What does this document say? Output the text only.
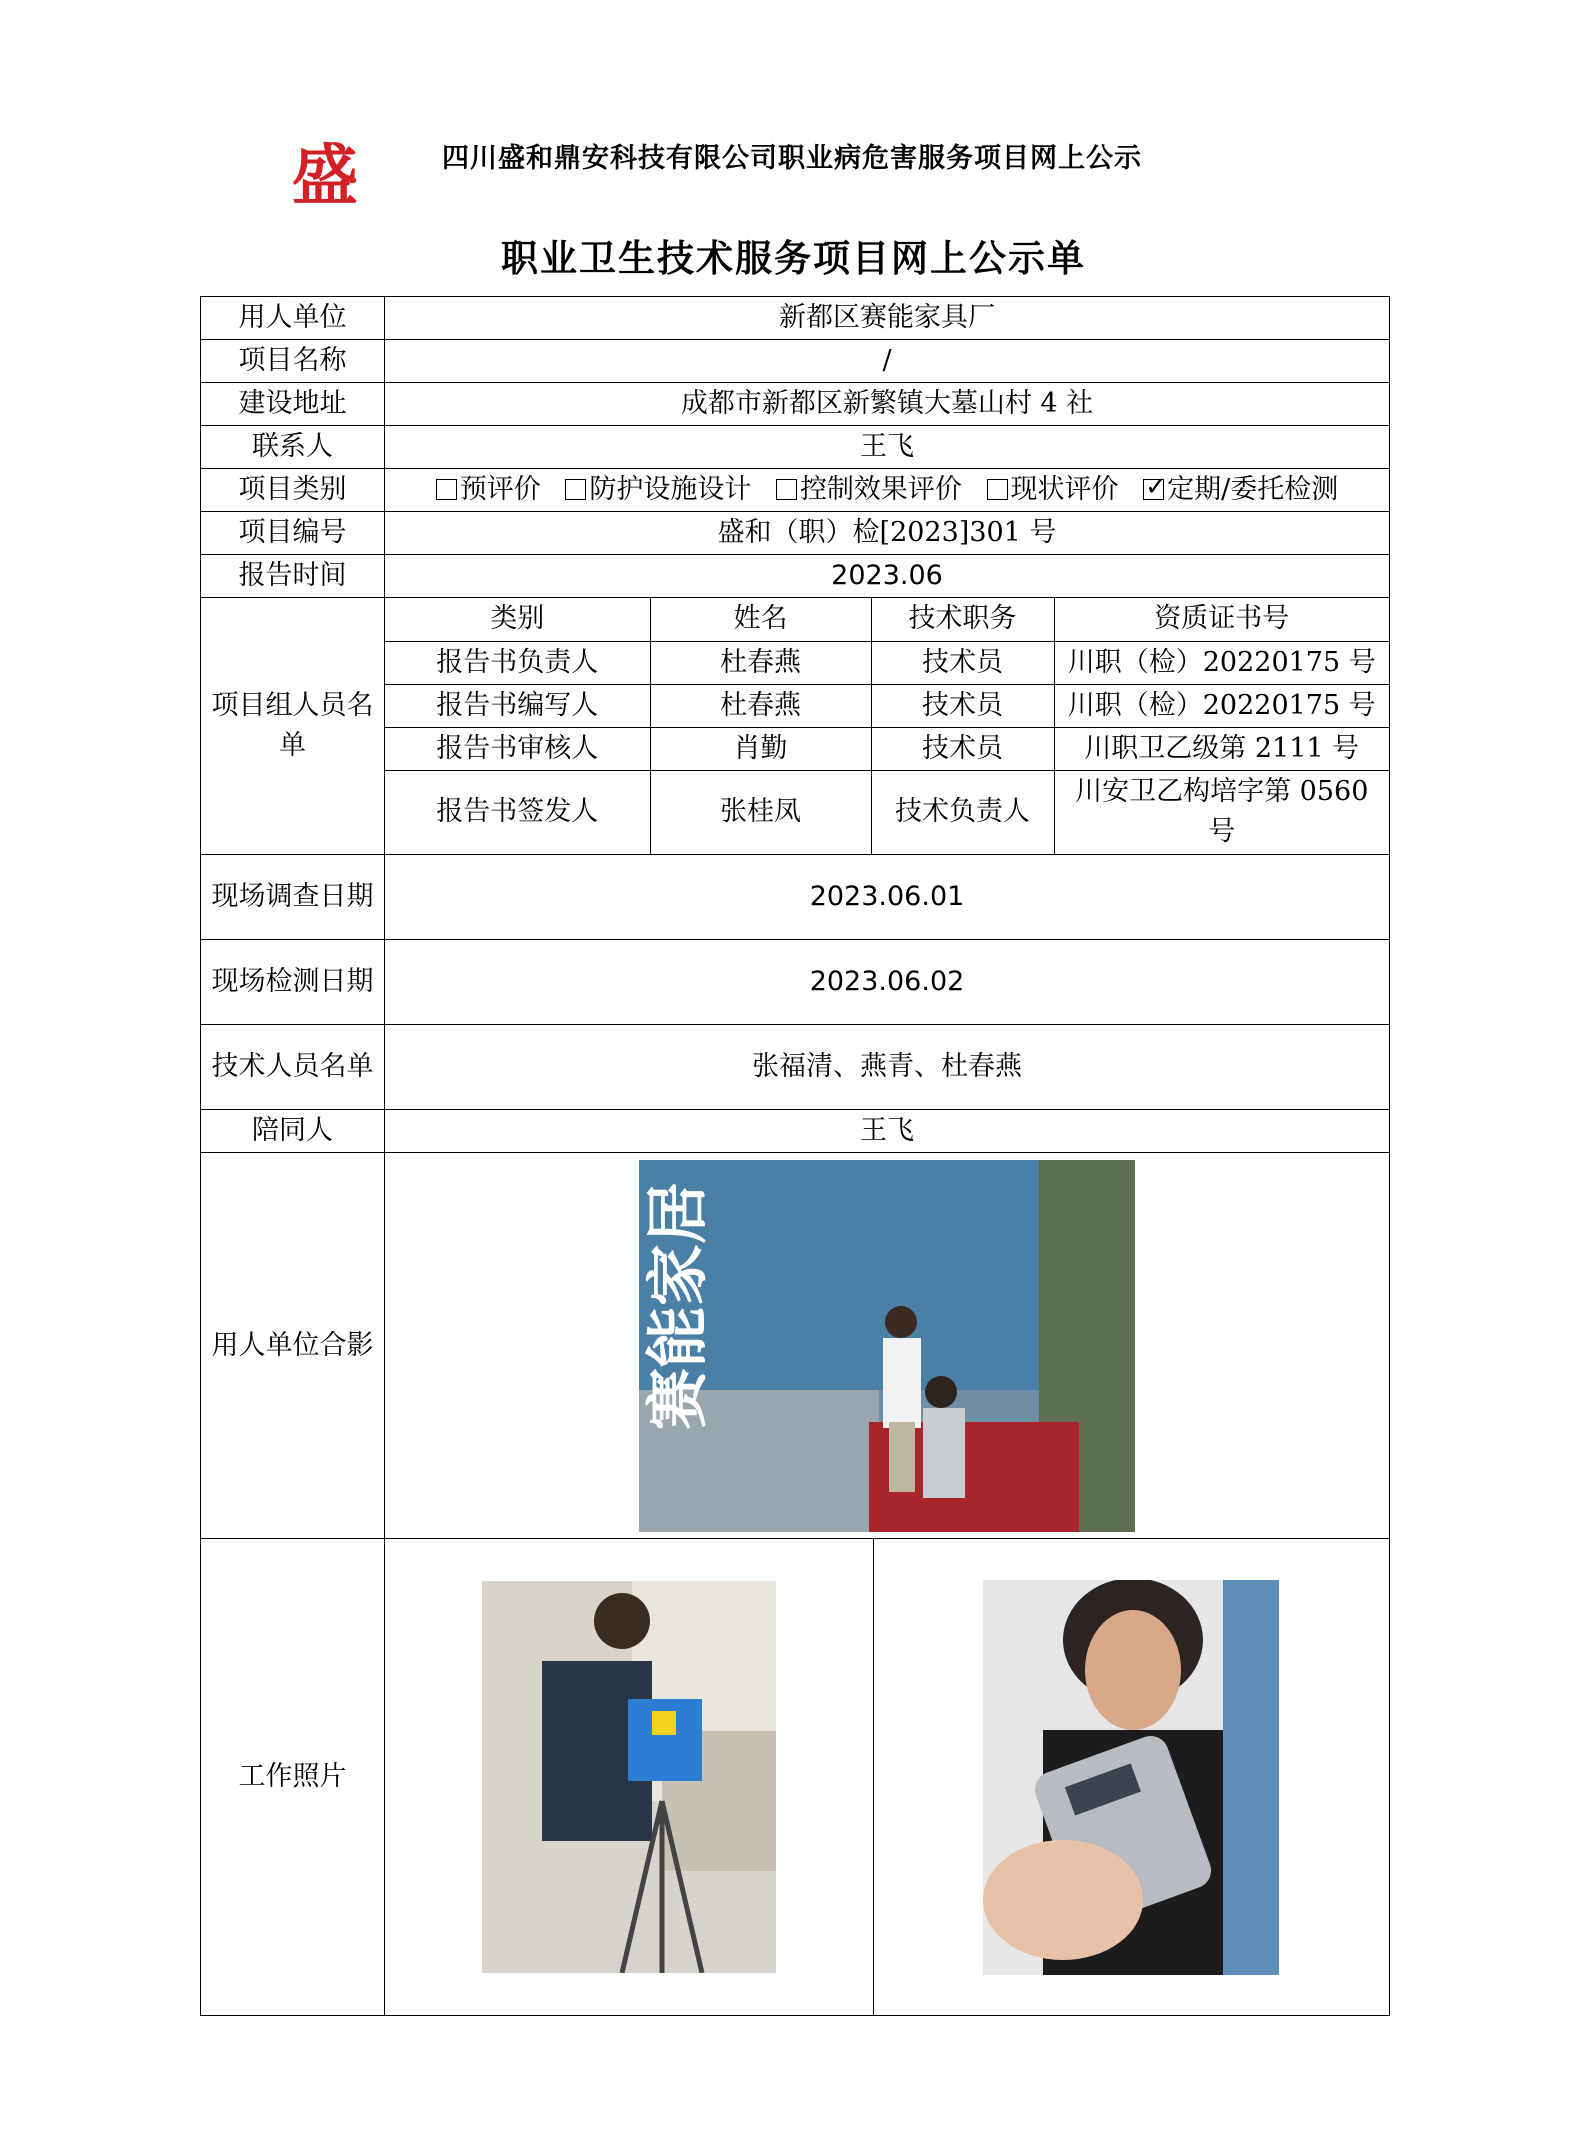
盛	四川盛和鼎安科技有限公司职业病危害服务项目网上公示
职业卫生技术服务项目网上公示单
用人单位	新都区赛能家具厂
项目名称	/
建设地址	成都市新都区新繁镇大墓山村 4 社
联系人	王飞
项目类别	预评价 防护设施设计 控制效果评价 现状评价 ✓ 定期/委托检测
项目编号	盛和（职）检[2023]301 号
报告时间	2023.06
项目组人员名单	
类别	姓名	技术职务	资质证书号
报告书负责人	杜春燕	技术员	川职（检）20220175 号
报告书编写人	杜春燕	技术员	川职（检）20220175 号
报告书审核人	肖勤	技术员	川职卫乙级第 2111 号
报告书签发人	张桂凤	技术负责人	川安卫乙构培字第 0560 号

现场调查日期	2023.06.01
现场检测日期	2023.06.02
技术人员名单	张福清、燕青、杜春燕
陪同人	王飞
用人单位合影	赛能家居

工作照片	
